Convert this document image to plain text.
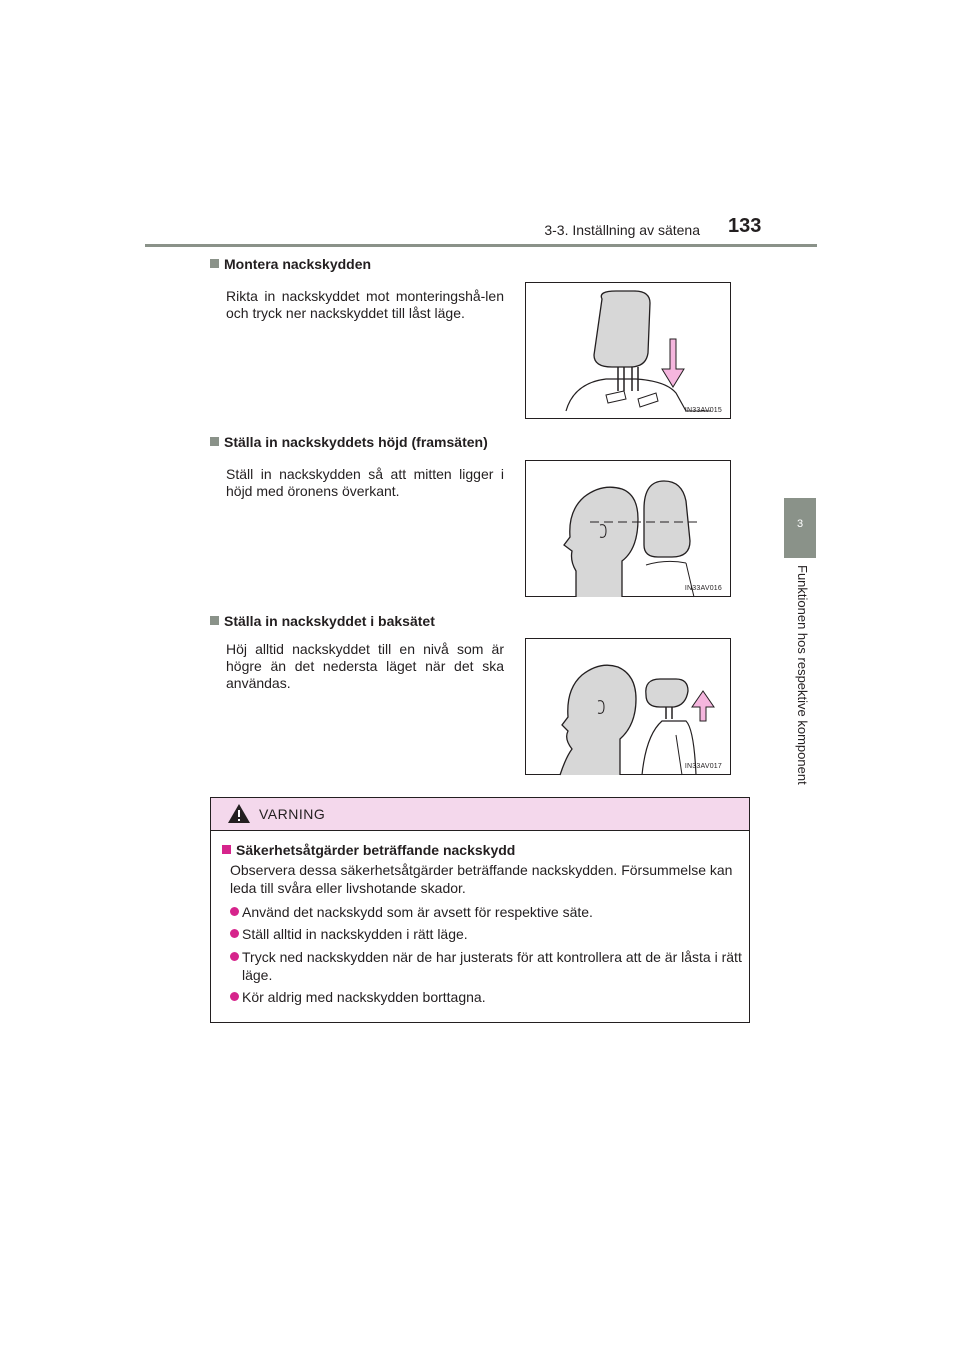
3-3. Inställning av sätena 133
3
Funktionen hos respektive komponent
Montera nackskydden
Rikta in nackskyddet mot monteringshå-len och tryck ner nackskyddet till låst läge.
IN33AV015
Ställa in nackskyddets höjd (framsäten)
Ställ in nackskydden så att mitten ligger i höjd med öronens överkant.
IN33AV016
Ställa in nackskyddet i baksätet
Höj alltid nackskyddet till en nivå som är högre än det nedersta läget när det ska användas.
IN33AV017
VARNING
Säkerhetsåtgärder beträffande nackskydd
Observera dessa säkerhetsåtgärder beträffande nackskydden. Försummelse kan leda till svåra eller livshotande skador.
Använd det nackskydd som är avsett för respektive säte.
Ställ alltid in nackskydden i rätt läge.
Tryck ned nackskydden när de har justerats för att kontrollera att de är låsta i rätt läge.
Kör aldrig med nackskydden borttagna.
